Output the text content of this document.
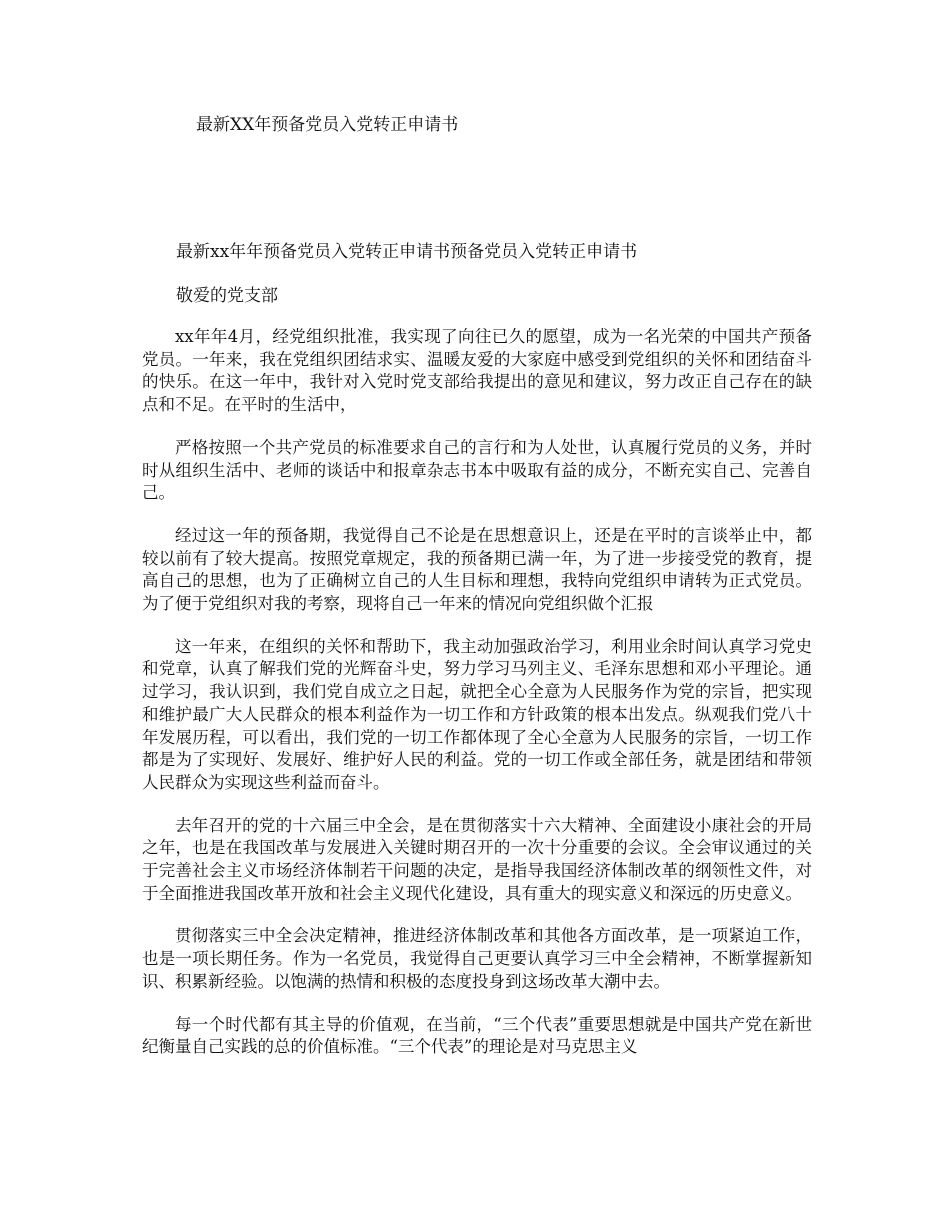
最新XX年预备党员入党转正申请书
最新xx年年预备党员入党转正申请书预备党员入党转正申请书

敬爱的党支部

xx年年4月，经党组织批准，我实现了向往已久的愿望，成为一名光荣的中国共产预备党员。一年来，我在党组织团结求实、温暖友爱的大家庭中感受到党组织的关怀和团结奋斗的快乐。在这一年中，我针对入党时党支部给我提出的意见和建议，努力改正自己存在的缺点和不足。在平时的生活中，

严格按照一个共产党员的标准要求自己的言行和为人处世，认真履行党员的义务，并时时从组织生活中、老师的谈话中和报章杂志书本中吸取有益的成分，不断充实自己、完善自己。

经过这一年的预备期，我觉得自己不论是在思想意识上，还是在平时的言谈举止中，都较以前有了较大提高。按照党章规定，我的预备期已满一年，为了进一步接受党的教育，提高自己的思想，也为了正确树立自己的人生目标和理想，我特向党组织申请转为正式党员。为了便于党组织对我的考察，现将自己一年来的情况向党组织做个汇报

这一年来，在组织的关怀和帮助下，我主动加强政治学习，利用业余时间认真学习党史和党章，认真了解我们党的光辉奋斗史，努力学习马列主义、毛泽东思想和邓小平理论。通过学习，我认识到，我们党自成立之日起，就把全心全意为人民服务作为党的宗旨，把实现和维护最广大人民群众的根本利益作为一切工作和方针政策的根本出发点。纵观我们党八十年发展历程，可以看出，我们党的一切工作都体现了全心全意为人民服务的宗旨，一切工作都是为了实现好、发展好、维护好人民的利益。党的一切工作或全部任务，就是团结和带领人民群众为实现这些利益而奋斗。

去年召开的党的十六届三中全会，是在贯彻落实十六大精神、全面建设小康社会的开局之年，也是在我国改革与发展进入关键时期召开的一次十分重要的会议。全会审议通过的关于完善社会主义市场经济体制若干问题的决定，是指导我国经济体制改革的纲领性文件，对于全面推进我国改革开放和社会主义现代化建设，具有重大的现实意义和深远的历史意义。

贯彻落实三中全会决定精神，推进经济体制改革和其他各方面改革，是一项紧迫工作，也是一项长期任务。作为一名党员，我觉得自己更要认真学习三中全会精神，不断掌握新知识、积累新经验。以饱满的热情和积极的态度投身到这场改革大潮中去。

每一个时代都有其主导的价值观，在当前，“三个代表”重要思想就是中国共产党在新世纪衡量自己实践的总的价值标准。“三个代表”的理论是对马克思主义
